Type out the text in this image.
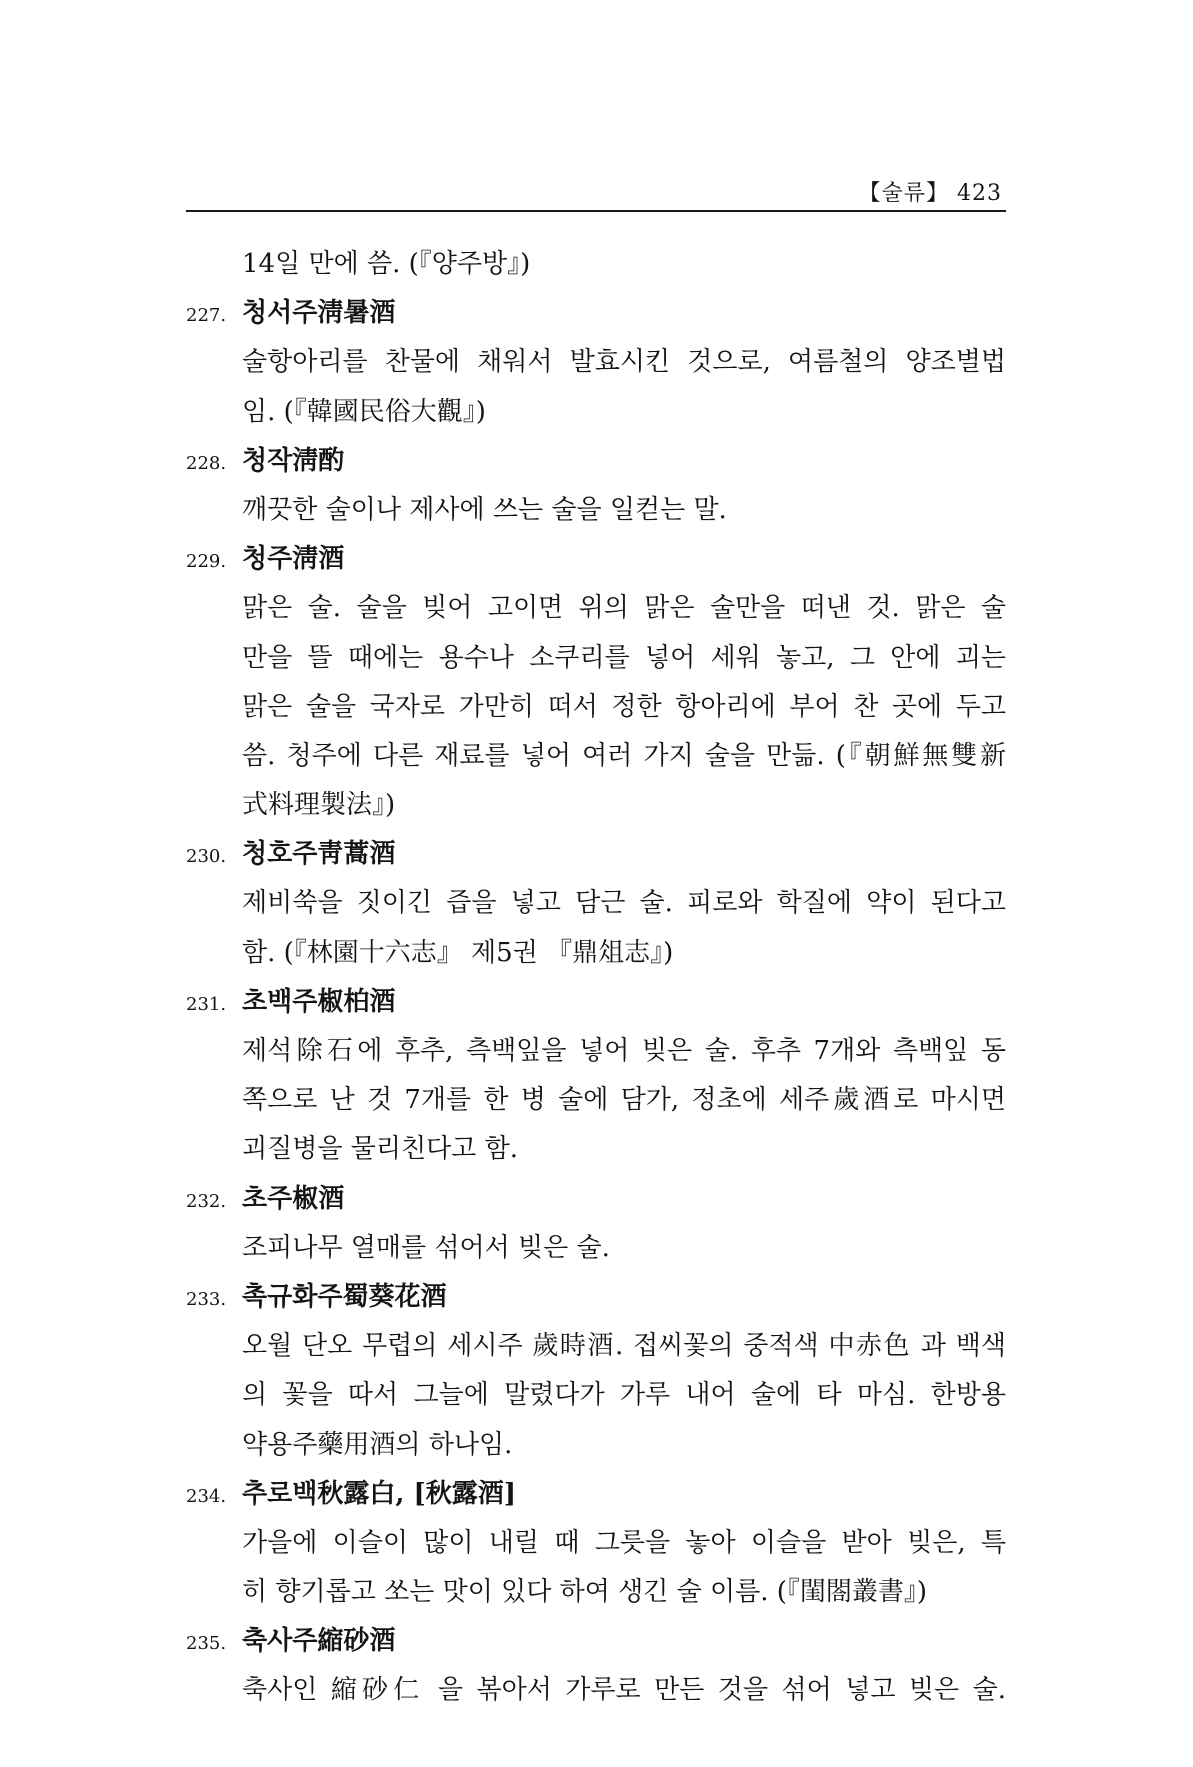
【술류】 423
14일 만에 씀. (『양주방』)
227. 청서주淸暑酒
술항아리를 찬물에 채워서 발효시킨 것으로, 여름철의 양조별법
임. (『韓國民俗大觀』)
228. 청작淸酌
깨끗한 술이나 제사에 쓰는 술을 일컫는 말.
229. 청주淸酒
맑은 술. 술을 빚어 고이면 위의 맑은 술만을 떠낸 것. 맑은 술
만을 뜰 때에는 용수나 소쿠리를 넣어 세워 놓고, 그 안에 괴는
맑은 술을 국자로 가만히 떠서 정한 항아리에 부어 찬 곳에 두고
씀. 청주에 다른 재료를 넣어 여러 가지 술을 만듦. (『朝鮮無雙新
式料理製法』)
230. 청호주靑蒿酒
제비쑥을 짓이긴 즙을 넣고 담근 술. 피로와 학질에 약이 된다고
함. (『林園十六志』 제5권 『鼎俎志』)
231. 초백주椒柏酒
제석除石에 후추, 측백잎을 넣어 빚은 술. 후추 7개와 측백잎 동
쪽으로 난 것 7개를 한 병 술에 담가, 정초에 세주歲酒로 마시면
괴질병을 물리친다고 함.
232. 초주椒酒
조피나무 열매를 섞어서 빚은 술.
233. 촉규화주蜀葵花酒
오월 단오 무렵의 세시주 歲時酒. 접씨꽃의 중적색 中赤色 과 백색
의 꽃을 따서 그늘에 말렸다가 가루 내어 술에 타 마심. 한방용
약용주藥用酒의 하나임.
234. 추로백秋露白, [秋露酒]
가을에 이슬이 많이 내릴 때 그릇을 놓아 이슬을 받아 빚은, 특
히 향기롭고 쏘는 맛이 있다 하여 생긴 술 이름. (『閨閤叢書』)
235. 축사주縮砂酒
축사인 縮砂仁 을 볶아서 가루로 만든 것을 섞어 넣고 빚은 술.
